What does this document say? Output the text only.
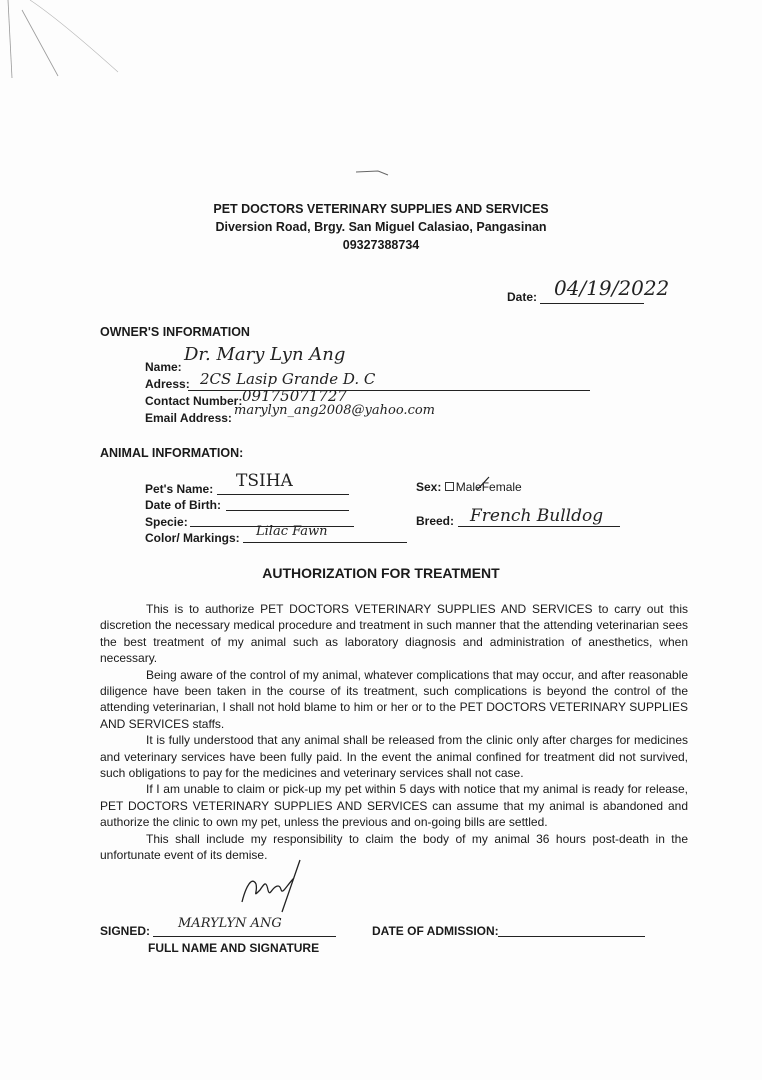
PET DOCTORS VETERINARY SUPPLIES AND SERVICES
Diversion Road, Brgy. San Miguel Calasiao, Pangasinan
09327388734
Date: 04/19/2022
OWNER'S INFORMATION
Name:
Dr. Mary Lyn Ang
Adress: 2CS Lasip Grande D. C
Contact Number: 09175071727
Email Address: marylyn_ang2008@yahoo.com
ANIMAL INFORMATION:
Pet's Name: TSIHA
Date of Birth:
Specie:
Color/ Markings: Lilac Fawn
Sex: Male
Female
Breed: French Bulldog
AUTHORIZATION FOR TREATMENT

This is to authorize PET DOCTORS VETERINARY SUPPLIES AND SERVICES to carry out this discretion the necessary medical procedure and treatment in such manner that the attending veterinarian sees the best treatment of my animal such as laboratory diagnosis and administration of anesthetics, when necessary.

Being aware of the control of my animal, whatever complications that may occur, and after reasonable diligence have been taken in the course of its treatment, such complications is beyond the control of the attending veterinarian, I shall not hold blame to him or her or to the PET DOCTORS VETERINARY SUPPLIES AND SERVICES staffs.

It is fully understood that any animal shall be released from the clinic only after charges for medicines and veterinary services have been fully paid. In the event the animal confined for treatment did not survived, such obligations to pay for the medicines and veterinary services shall not case.

If I am unable to claim or pick-up my pet within 5 days with notice that my animal is ready for release, PET DOCTORS VETERINARY SUPPLIES AND SERVICES can assume that my animal is abandoned and authorize the clinic to own my pet, unless the previous and on-going bills are settled.

This shall include my responsibility to claim the body of my animal 36 hours post-death in the unfortunate event of its demise.

SIGNED: MARYLYN ANG
FULL NAME AND SIGNATURE
DATE OF ADMISSION:
